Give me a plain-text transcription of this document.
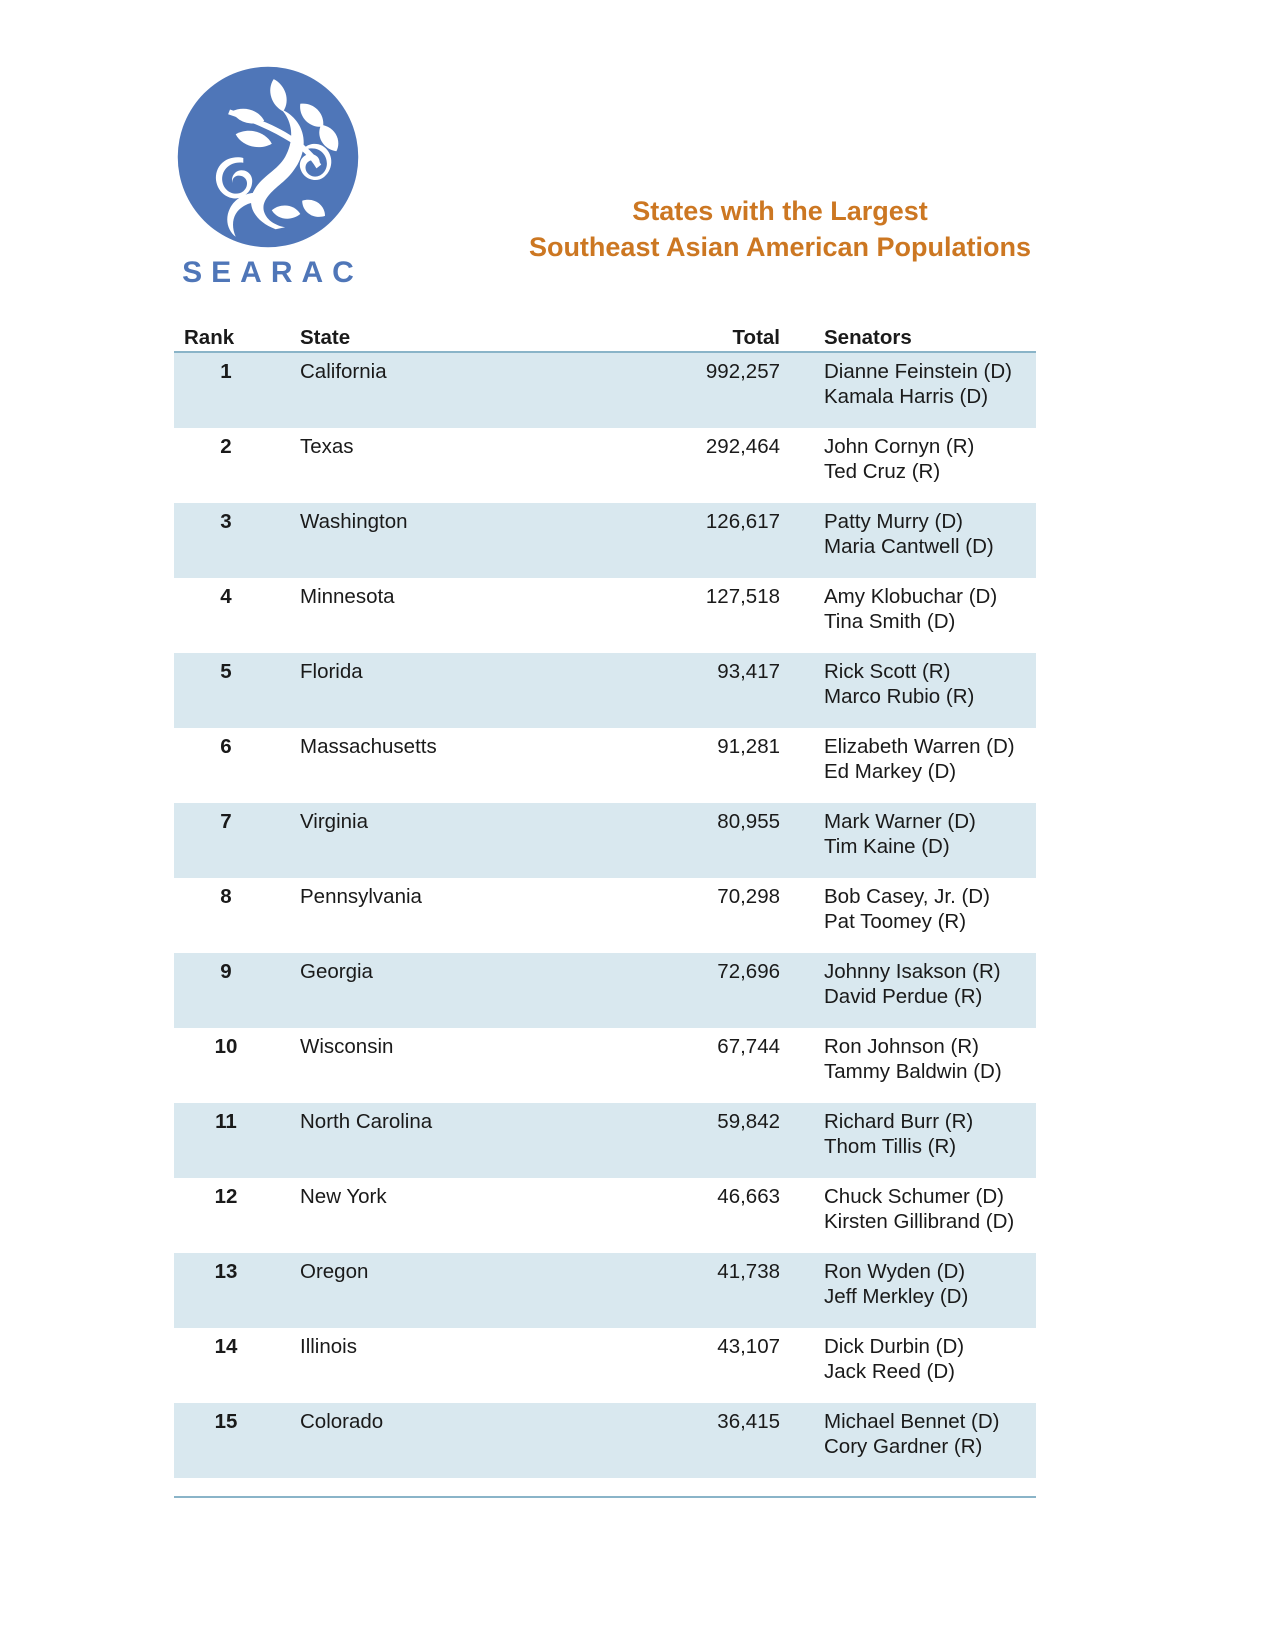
SEARAC
States with the Largest
Southeast Asian American Populations
Rank	State	Total	Senators
1	California	992,257 Dianne Feinstein (D)
Kamala Harris (D)
2	Texas	292,464 John Cornyn (R)
Ted Cruz (R)
3	Washington	126,617 Patty Murry (D)
Maria Cantwell (D)
4	Minnesota	127,518 Amy Klobuchar (D)
Tina Smith (D)
5	Florida	93,417 Rick Scott (R)
Marco Rubio (R)
6	Massachusetts	91,281 Elizabeth Warren (D)
Ed Markey (D)
7	Virginia	80,955 Mark Warner (D)
Tim Kaine (D)
8	Pennsylvania	70,298 Bob Casey, Jr. (D)
Pat Toomey (R)
9	Georgia	72,696 Johnny Isakson (R)
David Perdue (R)
10	Wisconsin	67,744 Ron Johnson (R)
Tammy Baldwin (D)
11	North Carolina	59,842 Richard Burr (R)
Thom Tillis (R)
12	New York	46,663 Chuck Schumer (D)
Kirsten Gillibrand (D)
13	Oregon	41,738 Ron Wyden (D)
Jeff Merkley (D)
14	Illinois	43,107 Dick Durbin (D)
Jack Reed (D)
15	Colorado	36,415 Michael Bennet (D)
Cory Gardner (R)
